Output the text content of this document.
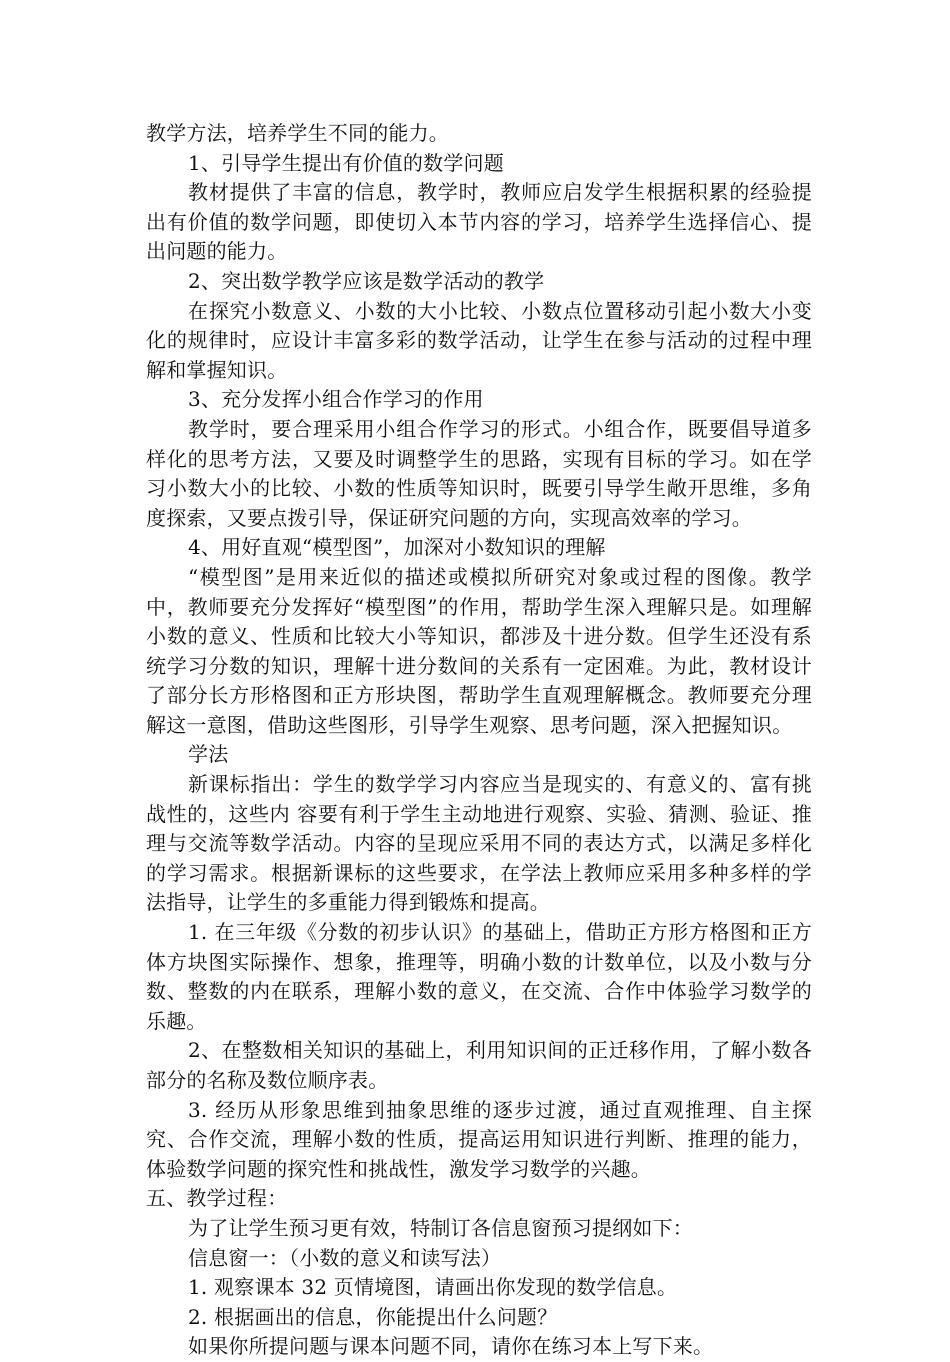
教学方法，培养学生不同的能力。

1、引导学生提出有价值的数学问题

教材提供了丰富的信息，教学时，教师应启发学生根据积累的经验提出有价值的数学问题，即使切入本节内容的学习，培养学生选择信心、提出问题的能力。

2、突出数学教学应该是数学活动的教学

在探究小数意义、小数的大小比较、小数点位置移动引起小数大小变化的规律时，应设计丰富多彩的数学活动，让学生在参与活动的过程中理解和掌握知识。

3、充分发挥小组合作学习的作用

教学时，要合理采用小组合作学习的形式。小组合作，既要倡导道多样化的思考方法，又要及时调整学生的思路，实现有目标的学习。如在学习小数大小的比较、小数的性质等知识时，既要引导学生敞开思维，多角度探索，又要点拨引导，保证研究问题的方向，实现高效率的学习。

4、用好直观“模型图”，加深对小数知识的理解

“模型图”是用来近似的描述或模拟所研究对象或过程的图像。教学中，教师要充分发挥好“模型图”的作用，帮助学生深入理解只是。如理解小数的意义、性质和比较大小等知识，都涉及十进分数。但学生还没有系统学习分数的知识，理解十进分数间的关系有一定困难。为此，教材设计了部分长方形格图和正方形块图，帮助学生直观理解概念。教师要充分理解这一意图，借助这些图形，引导学生观察、思考问题，深入把握知识。

学法

新课标指出：学生的数学学习内容应当是现实的、有意义的、富有挑战性的，这些内 容要有利于学生主动地进行观察、实验、猜测、验证、推理与交流等数学活动。内容的呈现应采用不同的表达方式，以满足多样化的学习需求。根据新课标的这些要求，在学法上教师应采用多种多样的学法指导，让学生的多重能力得到锻炼和提高。

1. 在三年级《分数的初步认识》的基础上，借助正方形方格图和正方体方块图实际操作、想象，推理等，明确小数的计数单位，以及小数与分数、整数的内在联系，理解小数的意义，在交流、合作中体验学习数学的乐趣。

2、在整数相关知识的基础上，利用知识间的正迁移作用，了解小数各部分的名称及数位顺序表。

3. 经历从形象思维到抽象思维的逐步过渡，通过直观推理、自主探究、合作交流，理解小数的性质，提高运用知识进行判断、推理的能力，体验数学问题的探究性和挑战性，激发学习数学的兴趣。

五、教学过程：

为了让学生预习更有效，特制订各信息窗预习提纲如下：

信息窗一：（小数的意义和读写法）

1. 观察课本 32 页情境图，请画出你发现的数学信息。

2. 根据画出的信息，你能提出什么问题？

如果你所提问题与课本问题不同，请你在练习本上写下来。
